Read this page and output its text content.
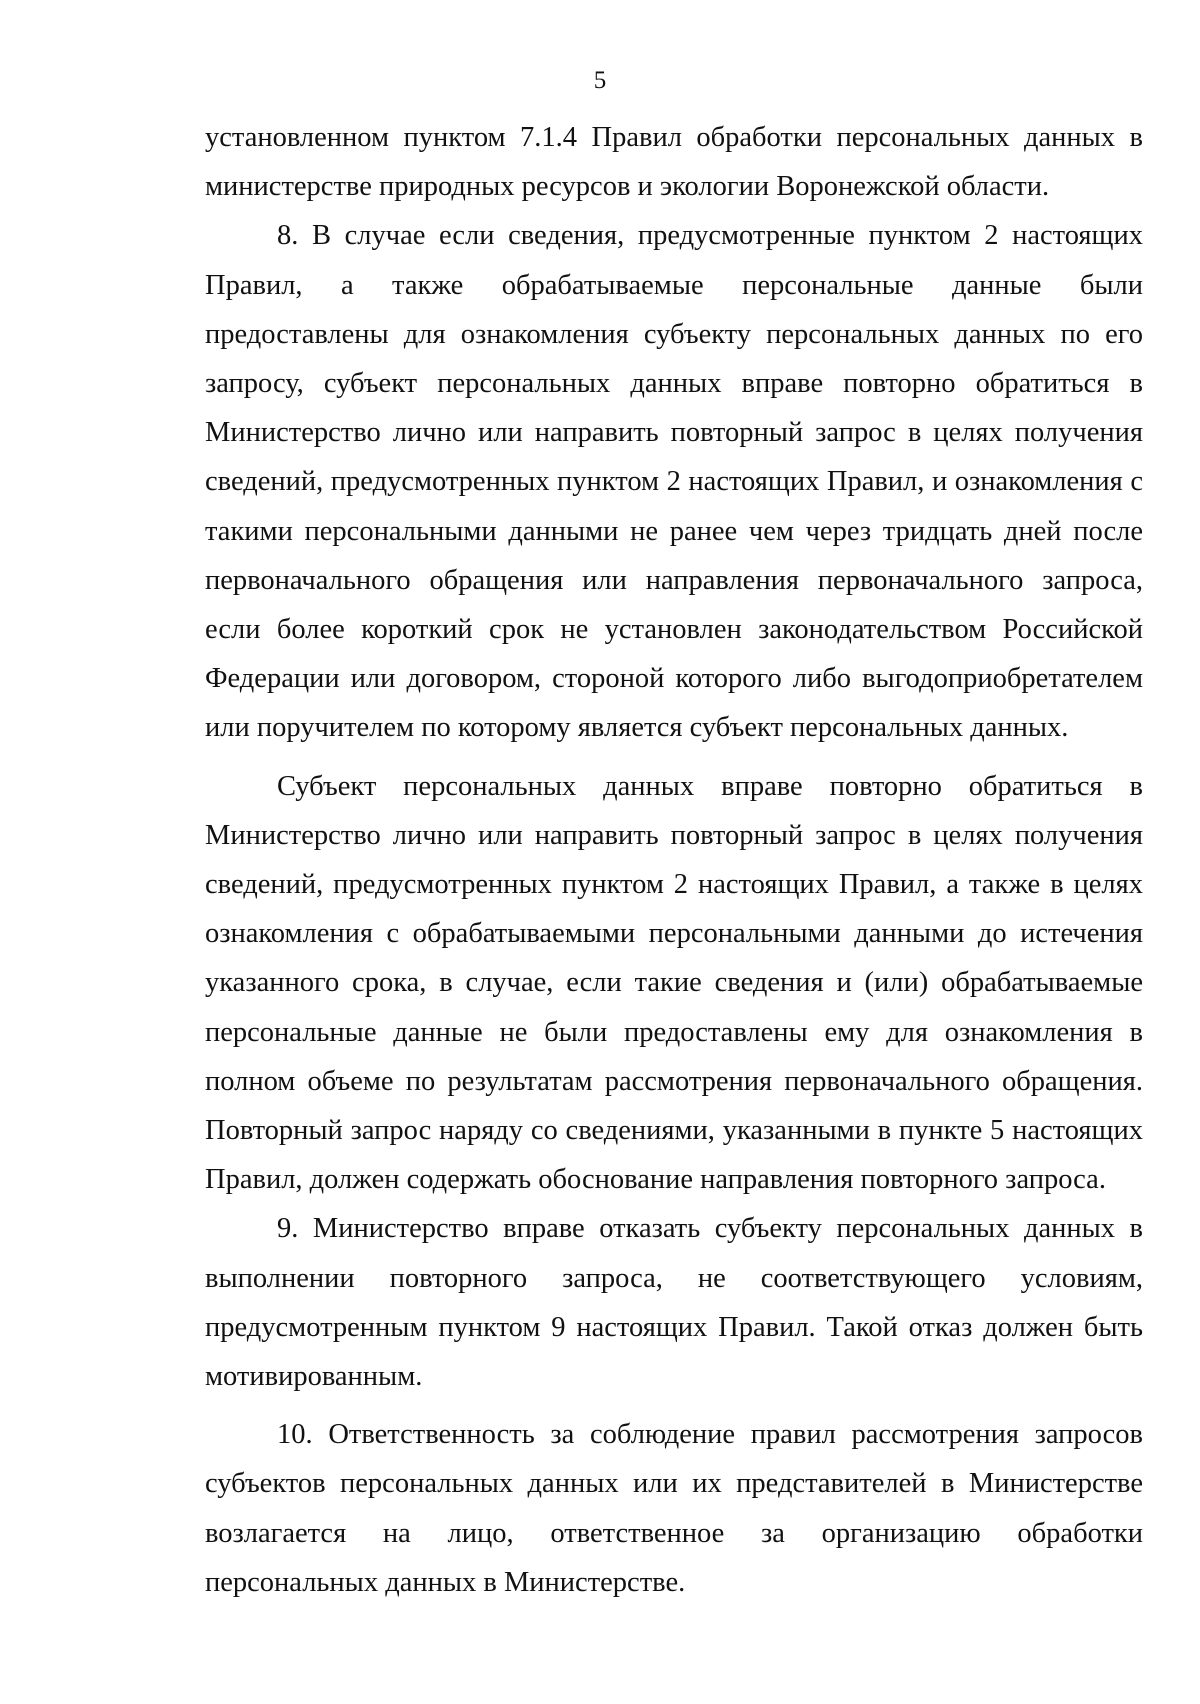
5

установленном пунктом 7.1.4 Правил обработки персональных данных в министерстве природных ресурсов и экологии Воронежской области.

8. В случае если сведения, предусмотренные пунктом 2 настоящих Правил, а также обрабатываемые персональные данные были предоставлены для ознакомления субъекту персональных данных по его запросу, субъект персональных данных вправе повторно обратиться в Министерство лично или направить повторный запрос в целях получения сведений, предусмотренных пунктом 2 настоящих Правил, и ознакомления с такими персональными данными не ранее чем через тридцать дней после первоначального обращения или направления первоначального запроса, если более короткий срок не установлен законодательством Российской Федерации или договором, стороной которого либо выгодоприобретателем или поручителем по которому является субъект персональных данных.

Субъект персональных данных вправе повторно обратиться в Министерство лично или направить повторный запрос в целях получения сведений, предусмотренных пунктом 2 настоящих Правил, а также в целях ознакомления с обрабатываемыми персональными данными до истечения указанного срока, в случае, если такие сведения и (или) обрабатываемые персональные данные не были предоставлены ему для ознакомления в полном объеме по результатам рассмотрения первоначального обращения. Повторный запрос наряду со сведениями, указанными в пункте 5 настоящих Правил, должен содержать обоснование направления повторного запроса.

9. Министерство вправе отказать субъекту персональных данных в выполнении повторного запроса, не соответствующего условиям, предусмотренным пунктом 9 настоящих Правил. Такой отказ должен быть мотивированным.

10. Ответственность за соблюдение правил рассмотрения запросов субъектов персональных данных или их представителей в Министерстве возлагается на лицо, ответственное за организацию обработки персональных данных в Министерстве.
